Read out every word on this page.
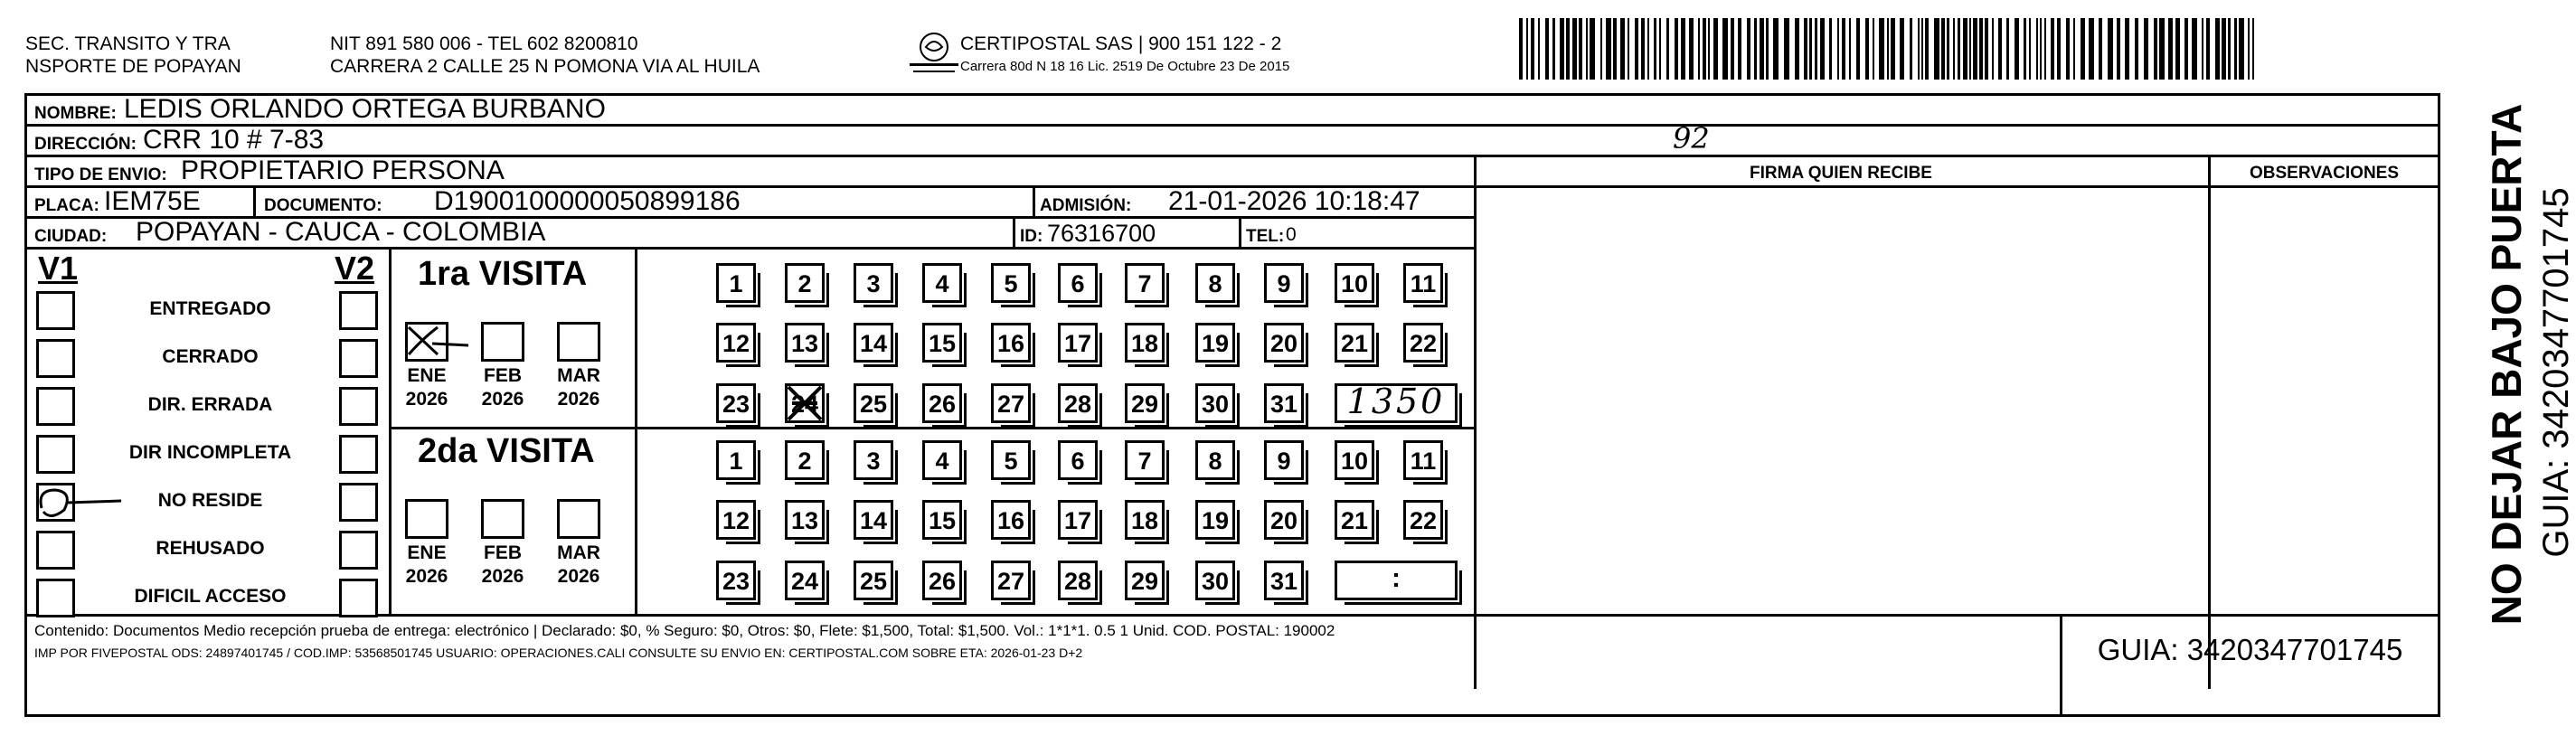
SEC. TRANSITO Y TRA
NSPORTE DE POPAYAN
NIT 891 580 006 - TEL 602 8200810
CARRERA 2 CALLE 25 N POMONA VIA AL HUILA
CERTIPOSTAL SAS | 900 151 122 - 2
Carrera 80d N 18 16 Lic. 2519 De Octubre 23 De 2015
NOMBRE: LEDIS ORLANDO ORTEGA BURBANO
DIRECCIÓN: CRR 10 # 7-83	92
TIPO DE ENVIO: PROPIETARIO PERSONA
PLACA: IEM75E	DOCUMENTO: D1900100000050899186	ADMISIÓN: 21-01-2026 10:18:47
CIUDAD: POPAYAN - CAUCA - COLOMBIA	ID: 76316700	TEL: 0
FIRMA QUIEN RECIBE	OBSERVACIONES
V1	V2
ENTREGADO
CERRADO
DIR. ERRADA
DIR INCOMPLETA
NO RESIDE
REHUSADO
DIFICIL ACCESO
1ra VISITA
ENE
2026
FEB
2026
MAR
2026
1	2	3	4	5	6	7	8	9	10 11
12 13 14 15 16 17 18 19 20 21 22
23 24 25 26 27 28 29 30 31	1350
2da VISITA
ENE
2026
FEB
2026
MAR
2026
1	2	3	4	5	6	7	8	9	10 11
12 13 14 15 16 17 18 19 20 21 22
23 24 25 26 27 28 29 30 31	:
Contenido: Documentos Medio recepción prueba de entrega: electrónico | Declarado: $0, % Seguro: $0, Otros: $0, Flete: $1,500, Total: $1,500. Vol.: 1*1*1. 0.5 1 Unid. COD. POSTAL: 190002
IMP POR FIVEPOSTAL ODS: 24897401745 / COD.IMP: 53568501745 USUARIO: OPERACIONES.CALI CONSULTE SU ENVIO EN: CERTIPOSTAL.COM SOBRE ETA: 2026-01-23 D+2	GUIA: 3420347701745
NO DEJAR BAJO PUERTA GUIA: 3420347701745
